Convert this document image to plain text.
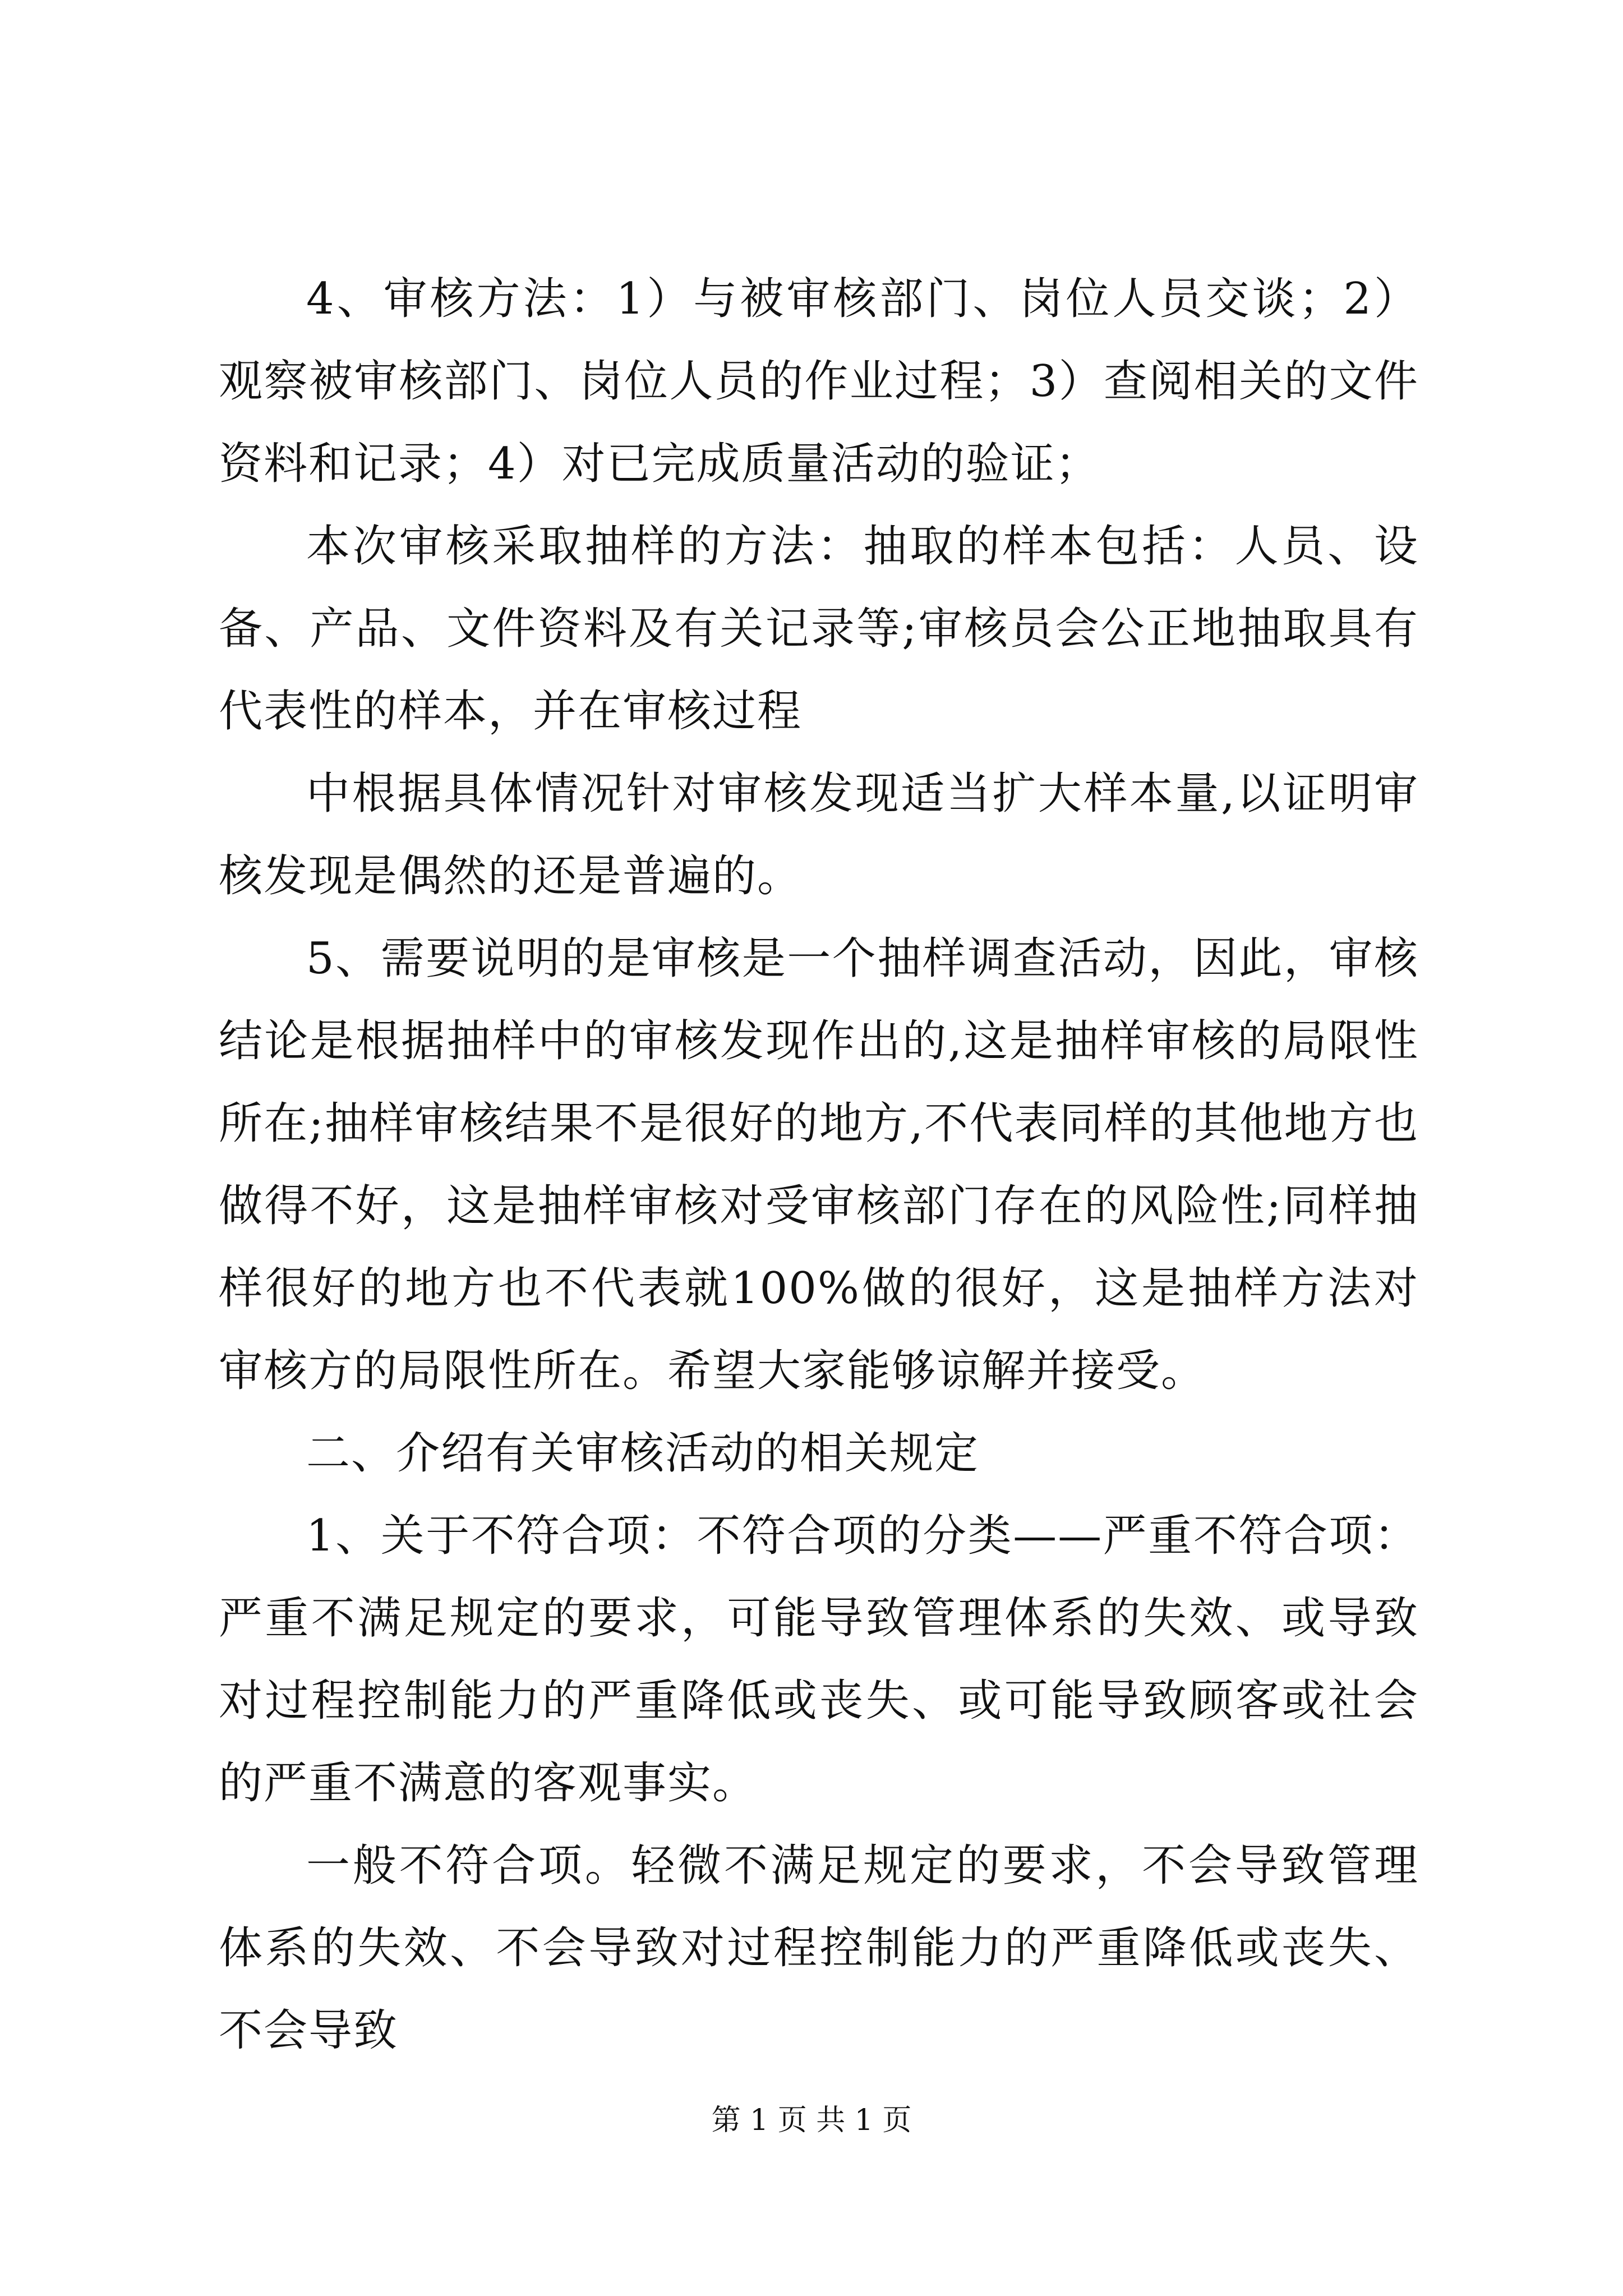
4、审核方法：1）与被审核部门、岗位人员交谈；2）观察被审核部门、岗位人员的作业过程；3）查阅相关的文件资料和记录；4）对已完成质量活动的验证；

本次审核采取抽样的方法：抽取的样本包括：人员、设备、产品、文件资料及有关记录等;审核员会公正地抽取具有代表性的样本，并在审核过程

中根据具体情况针对审核发现适当扩大样本量,以证明审核发现是偶然的还是普遍的。

5、需要说明的是审核是一个抽样调查活动，因此，审核结论是根据抽样中的审核发现作出的,这是抽样审核的局限性所在;抽样审核结果不是很好的地方,不代表同样的其他地方也做得不好，这是抽样审核对受审核部门存在的风险性;同样抽样很好的地方也不代表就100%做的很好，这是抽样方法对审核方的局限性所在。希望大家能够谅解并接受。

二、介绍有关审核活动的相关规定

1、关于不符合项：不符合项的分类——严重不符合项：严重不满足规定的要求，可能导致管理体系的失效、或导致对过程控制能力的严重降低或丧失、或可能导致顾客或社会的严重不满意的客观事实。

一般不符合项。轻微不满足规定的要求，不会导致管理体系的失效、不会导致对过程控制能力的严重降低或丧失、不会导致

第 1 页 共 1 页
